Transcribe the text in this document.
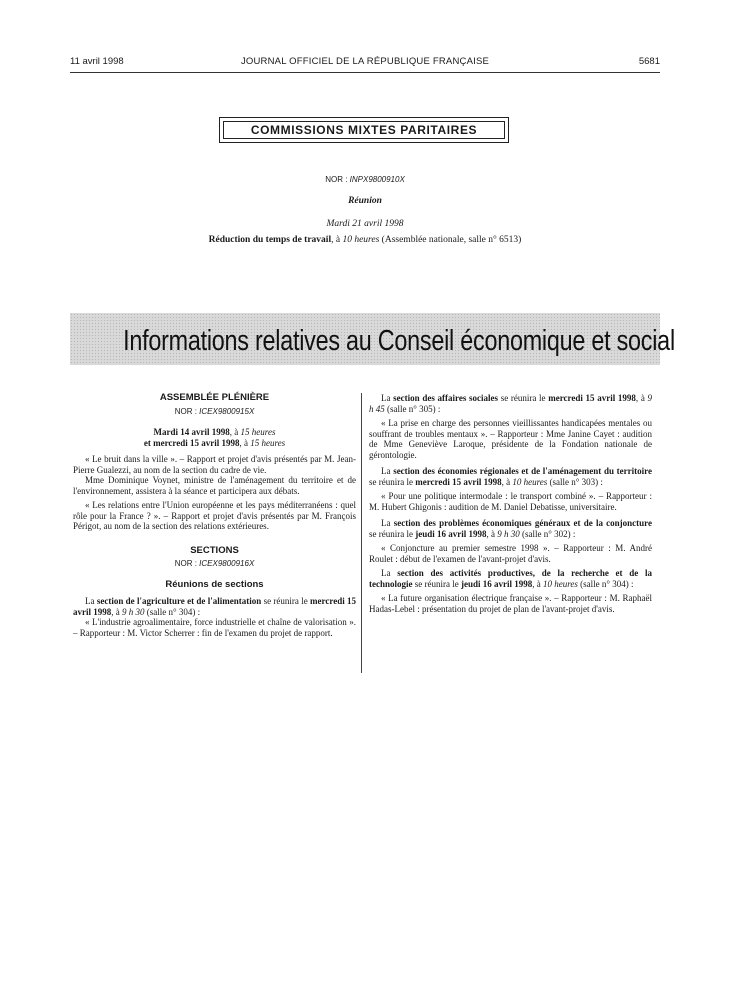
11 avril 1998	JOURNAL OFFICIEL DE LA RÉPUBLIQUE FRANÇAISE	5681
COMMISSIONS MIXTES PARITAIRES
NOR : INPX9800910X
Réunion
Mardi 21 avril 1998
Réduction du temps de travail, à 10 heures (Assemblée nationale, salle n° 6513)
Informations relatives au Conseil économique et social
ASSEMBLÉE PLÉNIÈRE
NOR : ICEX9800915X
Mardi 14 avril 1998, à 15 heures
et mercredi 15 avril 1998, à 15 heures

« Le bruit dans la ville ». – Rapport et projet d'avis présentés par M. Jean-Pierre Gualezzi, au nom de la section du cadre de vie.

Mme Dominique Voynet, ministre de l'aménagement du territoire et de l'environnement, assistera à la séance et participera aux débats.

« Les relations entre l'Union européenne et les pays méditerranéens : quel rôle pour la France ? ». – Rapport et projet d'avis présentés par M. François Périgot, au nom de la section des relations extérieures.

SECTIONS
NOR : ICEX9800916X
Réunions de sections

La section de l'agriculture et de l'alimentation se réunira le mercredi 15 avril 1998, à 9 h 30 (salle n° 304) :

« L'industrie agroalimentaire, force industrielle et chaîne de valorisation ». – Rapporteur : M. Victor Scherrer : fin de l'examen du projet de rapport.

La section des affaires sociales se réunira le mercredi 15 avril 1998, à 9 h 45 (salle n° 305) :

« La prise en charge des personnes vieillissantes handicapées mentales ou souffrant de troubles mentaux ». – Rapporteur : Mme Janine Cayet : audition de Mme Geneviève Laroque, présidente de la Fondation nationale de gérontologie.

La section des économies régionales et de l'aménagement du territoire se réunira le mercredi 15 avril 1998, à 10 heures (salle n° 303) :

« Pour une politique intermodale : le transport combiné ». – Rapporteur : M. Hubert Ghigonis : audition de M. Daniel Debatisse, universitaire.

La section des problèmes économiques généraux et de la conjoncture se réunira le jeudi 16 avril 1998, à 9 h 30 (salle n° 302) :

« Conjoncture au premier semestre 1998 ». – Rapporteur : M. André Roulet : début de l'examen de l'avant-projet d'avis.

La section des activités productives, de la recherche et de la technologie se réunira le jeudi 16 avril 1998, à 10 heures (salle n° 304) :

« La future organisation électrique française ». – Rapporteur : M. Raphaël Hadas-Lebel : présentation du projet de plan de l'avant-projet d'avis.
